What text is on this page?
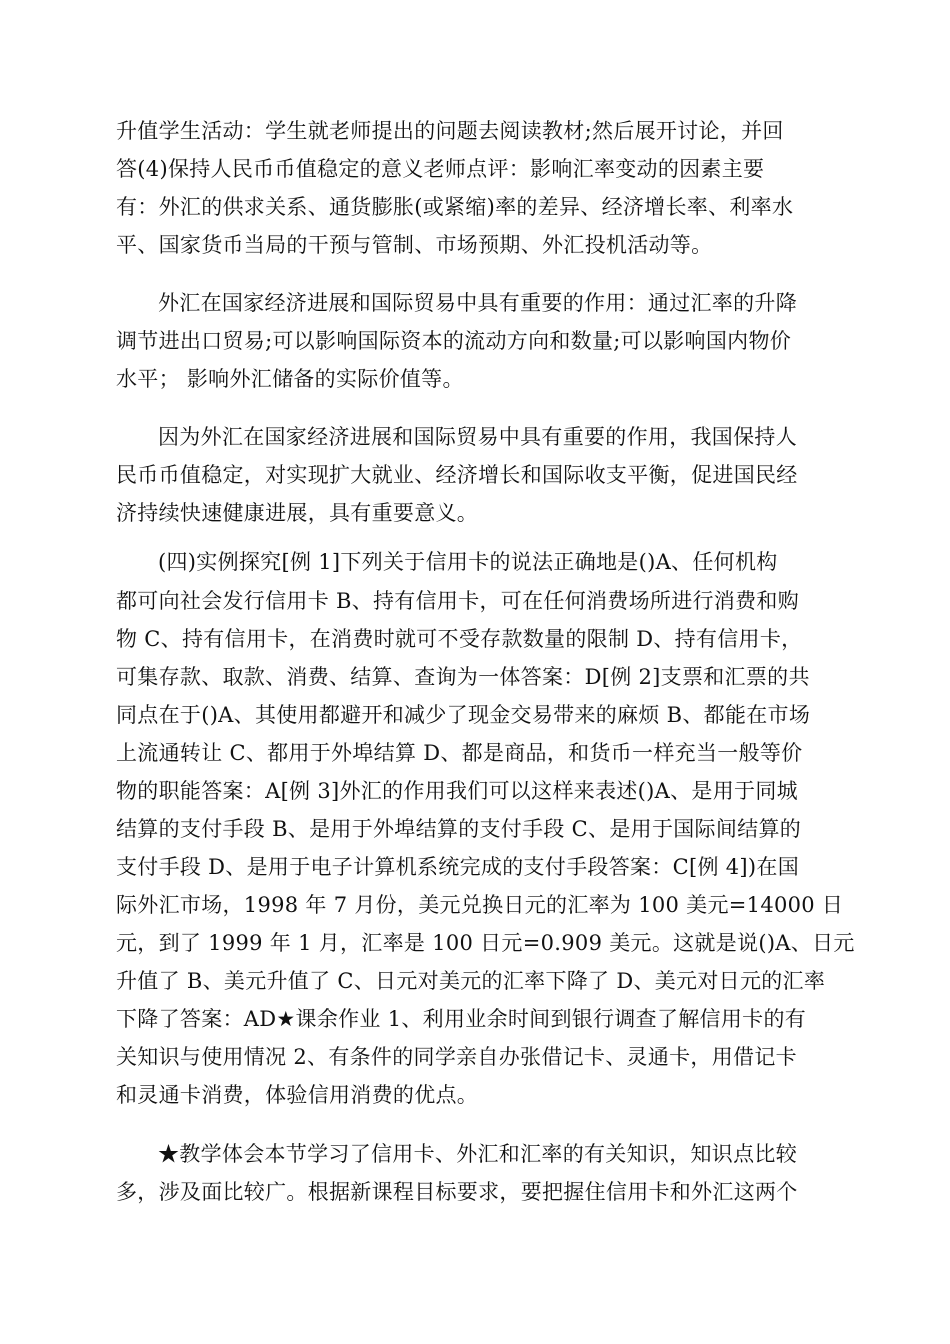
升值学生活动：学生就老师提出的问题去阅读教材;然后展开讨论，并回
答(4)保持人民币币值稳定的意义老师点评：影响汇率变动的因素主要
有：外汇的供求关系、通货膨胀(或紧缩)率的差异、经济增长率、利率水
平、国家货币当局的干预与管制、市场预期、外汇投机活动等。
外汇在国家经济进展和国际贸易中具有重要的作用：通过汇率的升降
调节进出口贸易;可以影响国际资本的流动方向和数量;可以影响国内物价
水平； 影响外汇储备的实际价值等。
因为外汇在国家经济进展和国际贸易中具有重要的作用，我国保持人
民币币值稳定，对实现扩大就业、经济增长和国际收支平衡，促进国民经
济持续快速健康进展，具有重要意义。
(四)实例探究[例 1]下列关于信用卡的说法正确地是()A、任何机构
都可向社会发行信用卡 B、持有信用卡，可在任何消费场所进行消费和购
物 C、持有信用卡，在消费时就可不受存款数量的限制 D、持有信用卡，
可集存款、取款、消费、结算、查询为一体答案：D[例 2]支票和汇票的共
同点在于()A、其使用都避开和减少了现金交易带来的麻烦 B、都能在市场
上流通转让 C、都用于外埠结算 D、都是商品，和货币一样充当一般等价
物的职能答案：A[例 3]外汇的作用我们可以这样来表述()A、是用于同城
结算的支付手段 B、是用于外埠结算的支付手段 C、是用于国际间结算的
支付手段 D、是用于电子计算机系统完成的支付手段答案：C[例 4])在国
际外汇市场，1998 年 7 月份，美元兑换日元的汇率为 100 美元=14000 日
元，到了 1999 年 1 月，汇率是 100 日元=0.909 美元。这就是说()A、日元
升值了 B、美元升值了 C、日元对美元的汇率下降了 D、美元对日元的汇率
下降了答案：AD★课余作业 1、利用业余时间到银行调查了解信用卡的有
关知识与使用情况 2、有条件的同学亲自办张借记卡、灵通卡，用借记卡
和灵通卡消费，体验信用消费的优点。
★教学体会本节学习了信用卡、外汇和汇率的有关知识，知识点比较
多，涉及面比较广。根据新课程目标要求，要把握住信用卡和外汇这两个
